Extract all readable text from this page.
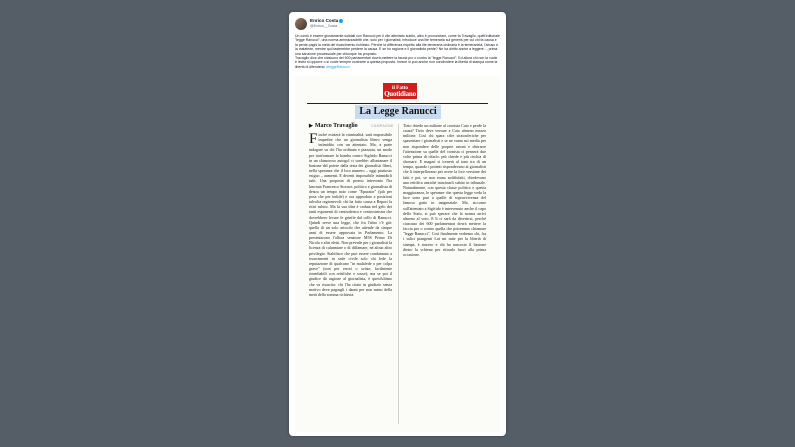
Enrico Costa
@Enrico__Costa

Un conto è essere giustamente solidali con Ranucci per il vile attentato subito, altro è pronunciare, come fa Travaglio, quell'editoriale "legge Ranucci", una norma ammazzadiritti che, solo per i giornalisti, introduce una lite temeraria sui generis per cui chi fa causa e la perde paghi la metà del risarcimento richiesto. Perché la differenza rispetto alla lite temeraria ordinaria è la temerarietà, l'abuso e la malafede, mentre qui basterebbe perdere la causa. E se ho ragione e il giornalista perde? Ne ha diritto anche a leggere..., prima una sanzione processuale per chiunque ha proposto.
Travaglio dice che ciascuno dei 600 parlamentari dovrà mettere la faccia pro o contro la "legge Ranucci". Ed allora chi non la vuole è lecito si opporre o si vuole sempre contrarre a questa proposta. Invece si può anche non condividere la libertà di stampa come la libertà di difendersi. #leggeRanucci

il Fatto
Quotidiano
La Legge Ranucci
▶ Marco Travaglio	CAMPAGNE

Finché esisterà la criminalità, sarà impossibile impedire che un giornalista libero venga intimidito con un attentato. Ma, a parte indagare su chi l'ha ordinata e piazzata, un modo per trasformare la bomba contro Sigfrido Ranucci in un clamoroso autogol ci sarebbe: allontanare il bastone del potere dalla testa dei giornalisti liberi, nella speranza che il loro numero – oggi piuttosto esiguo – aumenti. E diventi impossibile intimidirli tutti. Una proposta di pronto intervento l'ha lanciata Francesco Storace, politico e giornalista di destra un tempo noto come "Epurator" (più per posa che per indole) e ora approdato a posizioni talvolta ragionevoli: chi ha fatto causa a Report la ritiri subito. Ma la sua idea è caduta nel gelo dei tanti esponenti di centrodestra e centrosinistra che dovrebbero levare le grinfie dal collo di Ranucci. Quindi serve una legge, che fra l'altro c'è già: quella di un solo articolo che attende da cinque anni di essere approvata in Parlamento. La presentarono l'allora senatore M5S Primo Di Nicola e altri eletti. Non prevede per i giornalisti la licenza di calunniare o di diffamare, né alcun altro privilegio. Stabilisce che può essere condannato a risarcimenti in sede civile solo chi lede la reputazione di qualcuno "in malafede o per colpa grave" (non per errori o sviste, facilmente rimediabili con rettifiche e scuse); ma se poi il giudice dà ragione al giornalista, è quest'ultimo che va risarcito: chi l'ha citato in giudizio senza motivo deve pagargli i danni per non meno della metà della somma richiesta.

Tizio chiede un milione al cronista Caio e perde la causa? Tizio deve versare a Caio almeno mezzo milione. Così chi spara cifre stratosferiche per spaventare i giornalisti e se ne vanta sui media per non rispondere delle proprie azioni e distrarre l'attenzione su quelle del cronista ci penserà due volte prima di rifarlo: più chiede e più rischia di sborsare. E magari si tornerà al tono tra di un tempo, quando i potenti rispondevano ai giornalisti che li interpellavano per avere la loro versione dei fatti e poi, se non erano soddisfatti, chiedevano una rettifica anziché trascinarli subito in tribunale. Naturalmente, con questa classe politica e questa maggioranza, le speranze che questa legge veda la luce sono pari a quelle di sopravvivenza del famoso gatto in tangenziale. Ma, siccome sull'attentato a Sigfrido è intervenuto anche il capo dello Stato, si può sperare che la norma arrivi almeno al voto. E lì ci sarà da divertirsi, perché ciascuno dei 600 parlamentari dovrà mettere la faccia pro o contro quella che potremmo chiamare "legge Ranucci". Così finalmente vedremo chi, fra i salici piangenti Lut mi nute per la libertà di stampa, è sincero e chi ha nascosto il bastone dietro la schiena per ritirarlo fuori alla prima occasione.
